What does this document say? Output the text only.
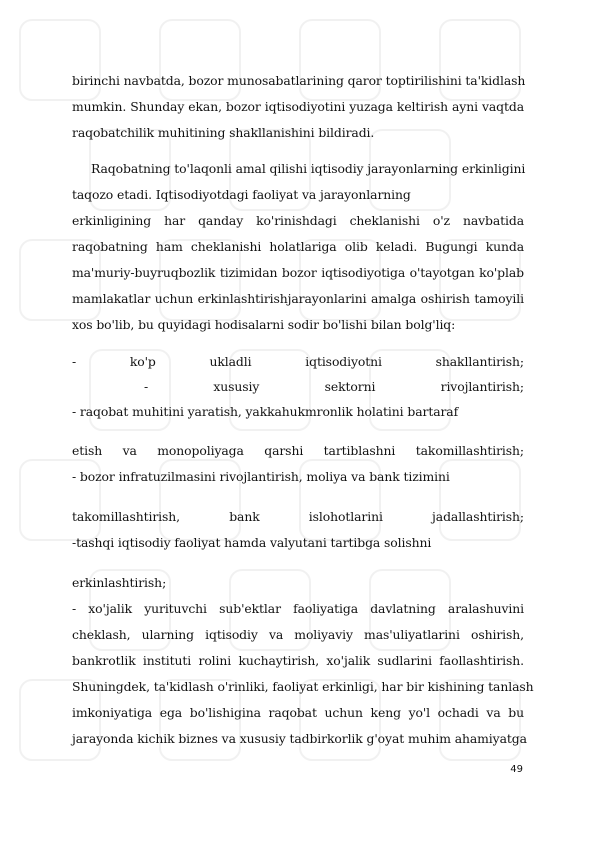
birinchi navbatda, bozor munosabatlarining qaror toptirilishini ta'kidlash
mumkin. Shunday ekan, bozor iqtisodiyotini yuzaga keltirish ayni vaqtda
raqobatchilik muhitining shakllanishini bildiradi.
Raqobatning to'laqonli amal qilishi iqtisodiy jarayonlarning erkinligini
taqozo etadi. Iqtisodiyotdagi faoliyat va jarayonlarning
erkinligining har qanday ko'rinishdagi cheklanishi o'z navbatida
raqobatning ham cheklanishi holatlariga olib keladi. Bugungi kunda
ma'muriy-buyruqbozlik tizimidan bozor iqtisodiyotiga o'tayotgan ko'plab
mamlakatlar uchun erkinlashtirishjarayonlarini amalga oshirish tamoyili
xos bo'lib, bu quyidagi hodisalarni sodir bo'lishi bilan bolg'liq:
- ko'p ukladli iqtisodiyotni shakllantirish;
- xususiy sektorni rivojlantirish;
- raqobat muhitini yaratish, yakkahukmronlik holatini bartaraf
etish va monopoliyaga qarshi tartiblashni takomillashtirish;
- bozor infratuzilmasini rivojlantirish, moliya va bank tizimini
takomillashtirish, bank islohotlarini jadallashtirish;
-tashqi iqtisodiy faoliyat hamda valyutani tartibga solishni
erkinlashtirish;
- xo'jalik yurituvchi sub'ektlar faoliyatiga davlatning aralashuvini
cheklash, ularning iqtisodiy va moliyaviy mas'uliyatlarini oshirish,
bankrotlik instituti rolini kuchaytirish, xo'jalik sudlarini faollashtirish.
Shuningdek, ta'kidlash o'rinliki, faoliyat erkinligi, har bir kishining tanlash
imkoniyatiga ega bo'lishigina raqobat uchun keng yo'l ochadi va bu
jarayonda kichik biznes va xususiy tadbirkorlik g'oyat muhim ahamiyatga
49
